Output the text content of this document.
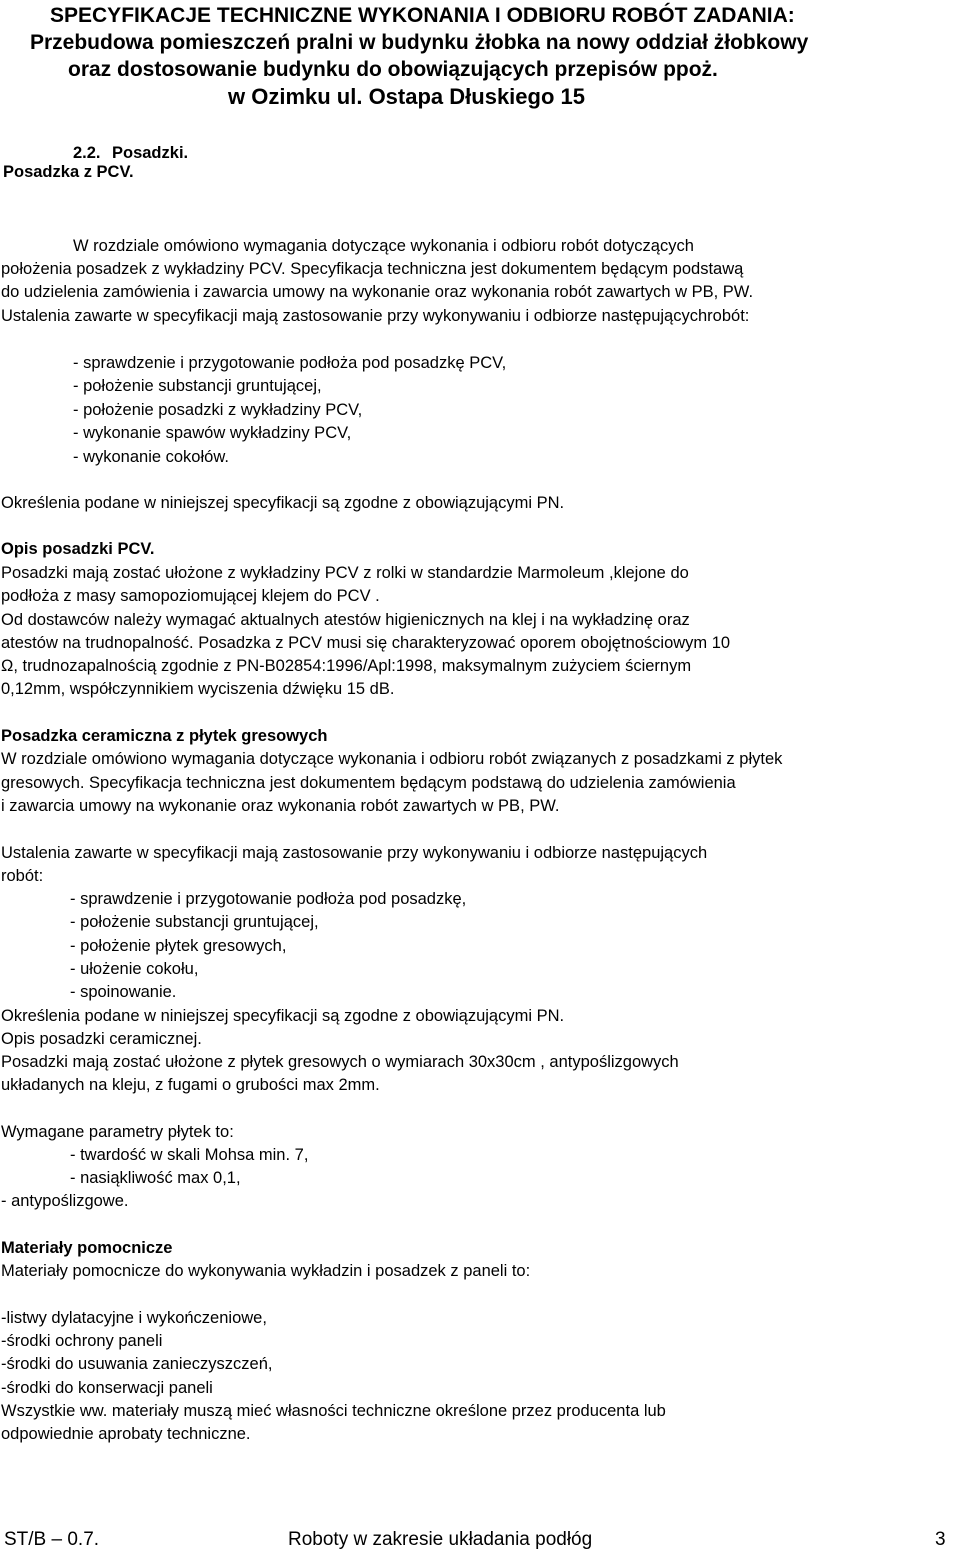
SPECYFIKACJE TECHNICZNE WYKONANIA I ODBIORU ROBÓT ZADANIA:
Przebudowa pomieszczeń pralni w budynku żłobka na nowy oddział żłobkowy
oraz dostosowanie budynku do obowiązujących przepisów ppoż.
w Ozimku ul. Ostapa Dłuskiego 15
2.2. Posadzki.
Posadzka z PCV.
W rozdziale omówiono wymagania dotyczące wykonania i odbioru robót dotyczących
położenia posadzek z wykładziny PCV. Specyfikacja techniczna jest dokumentem będącym podstawą
do udzielenia zamówienia i zawarcia umowy na wykonanie oraz wykonania robót zawartych w PB, PW.
Ustalenia zawarte w specyfikacji mają zastosowanie przy wykonywaniu i odbiorze następującychrobót:
- sprawdzenie i przygotowanie podłoża pod posadzkę PCV,
- położenie substancji gruntującej,
- położenie posadzki z wykładziny PCV,
- wykonanie spawów wykładziny PCV,
- wykonanie cokołów.
Określenia podane w niniejszej specyfikacji są zgodne z obowiązującymi PN.
Opis posadzki PCV.
Posadzki mają zostać ułożone z wykładziny PCV z rolki w standardzie Marmoleum ,klejone do
podłoża z masy samopoziomującej klejem do PCV .
Od dostawców należy wymagać aktualnych atestów higienicznych na klej i na wykładzinę oraz
atestów na trudnopalność. Posadzka z PCV musi się charakteryzować oporem obojętnościowym 10
Ω, trudnozapalnością zgodnie z PN-B02854:1996/Apl:1998, maksymalnym zużyciem ściernym
0,12mm, współczynnikiem wyciszenia dźwięku 15 dB.
Posadzka ceramiczna z płytek gresowych
W rozdziale omówiono wymagania dotyczące wykonania i odbioru robót związanych z posadzkami z płytek
gresowych. Specyfikacja techniczna jest dokumentem będącym podstawą do udzielenia zamówienia
i zawarcia umowy na wykonanie oraz wykonania robót zawartych w PB, PW.
Ustalenia zawarte w specyfikacji mają zastosowanie przy wykonywaniu i odbiorze następujących
robót:
- sprawdzenie i przygotowanie podłoża pod posadzkę,
- położenie substancji gruntującej,
- położenie płytek gresowych,
- ułożenie cokołu,
- spoinowanie.
Określenia podane w niniejszej specyfikacji są zgodne z obowiązującymi PN.
Opis posadzki ceramicznej.
Posadzki mają zostać ułożone z płytek gresowych o wymiarach 30x30cm , antypoślizgowych
układanych na kleju, z fugami o grubości max 2mm.
Wymagane parametry płytek to:
- twardość w skali Mohsa min. 7,
- nasiąkliwość max 0,1,
- antypoślizgowe.
Materiały pomocnicze
Materiały pomocnicze do wykonywania wykładzin i posadzek z paneli to:
-listwy dylatacyjne i wykończeniowe,
-środki ochrony paneli
-środki do usuwania zanieczyszczeń,
-środki do konserwacji paneli
Wszystkie ww. materiały muszą mieć własności techniczne określone przez producenta lub
odpowiednie aprobaty techniczne.
ST/B – 0.7.	Roboty w zakresie układania podłóg	3
